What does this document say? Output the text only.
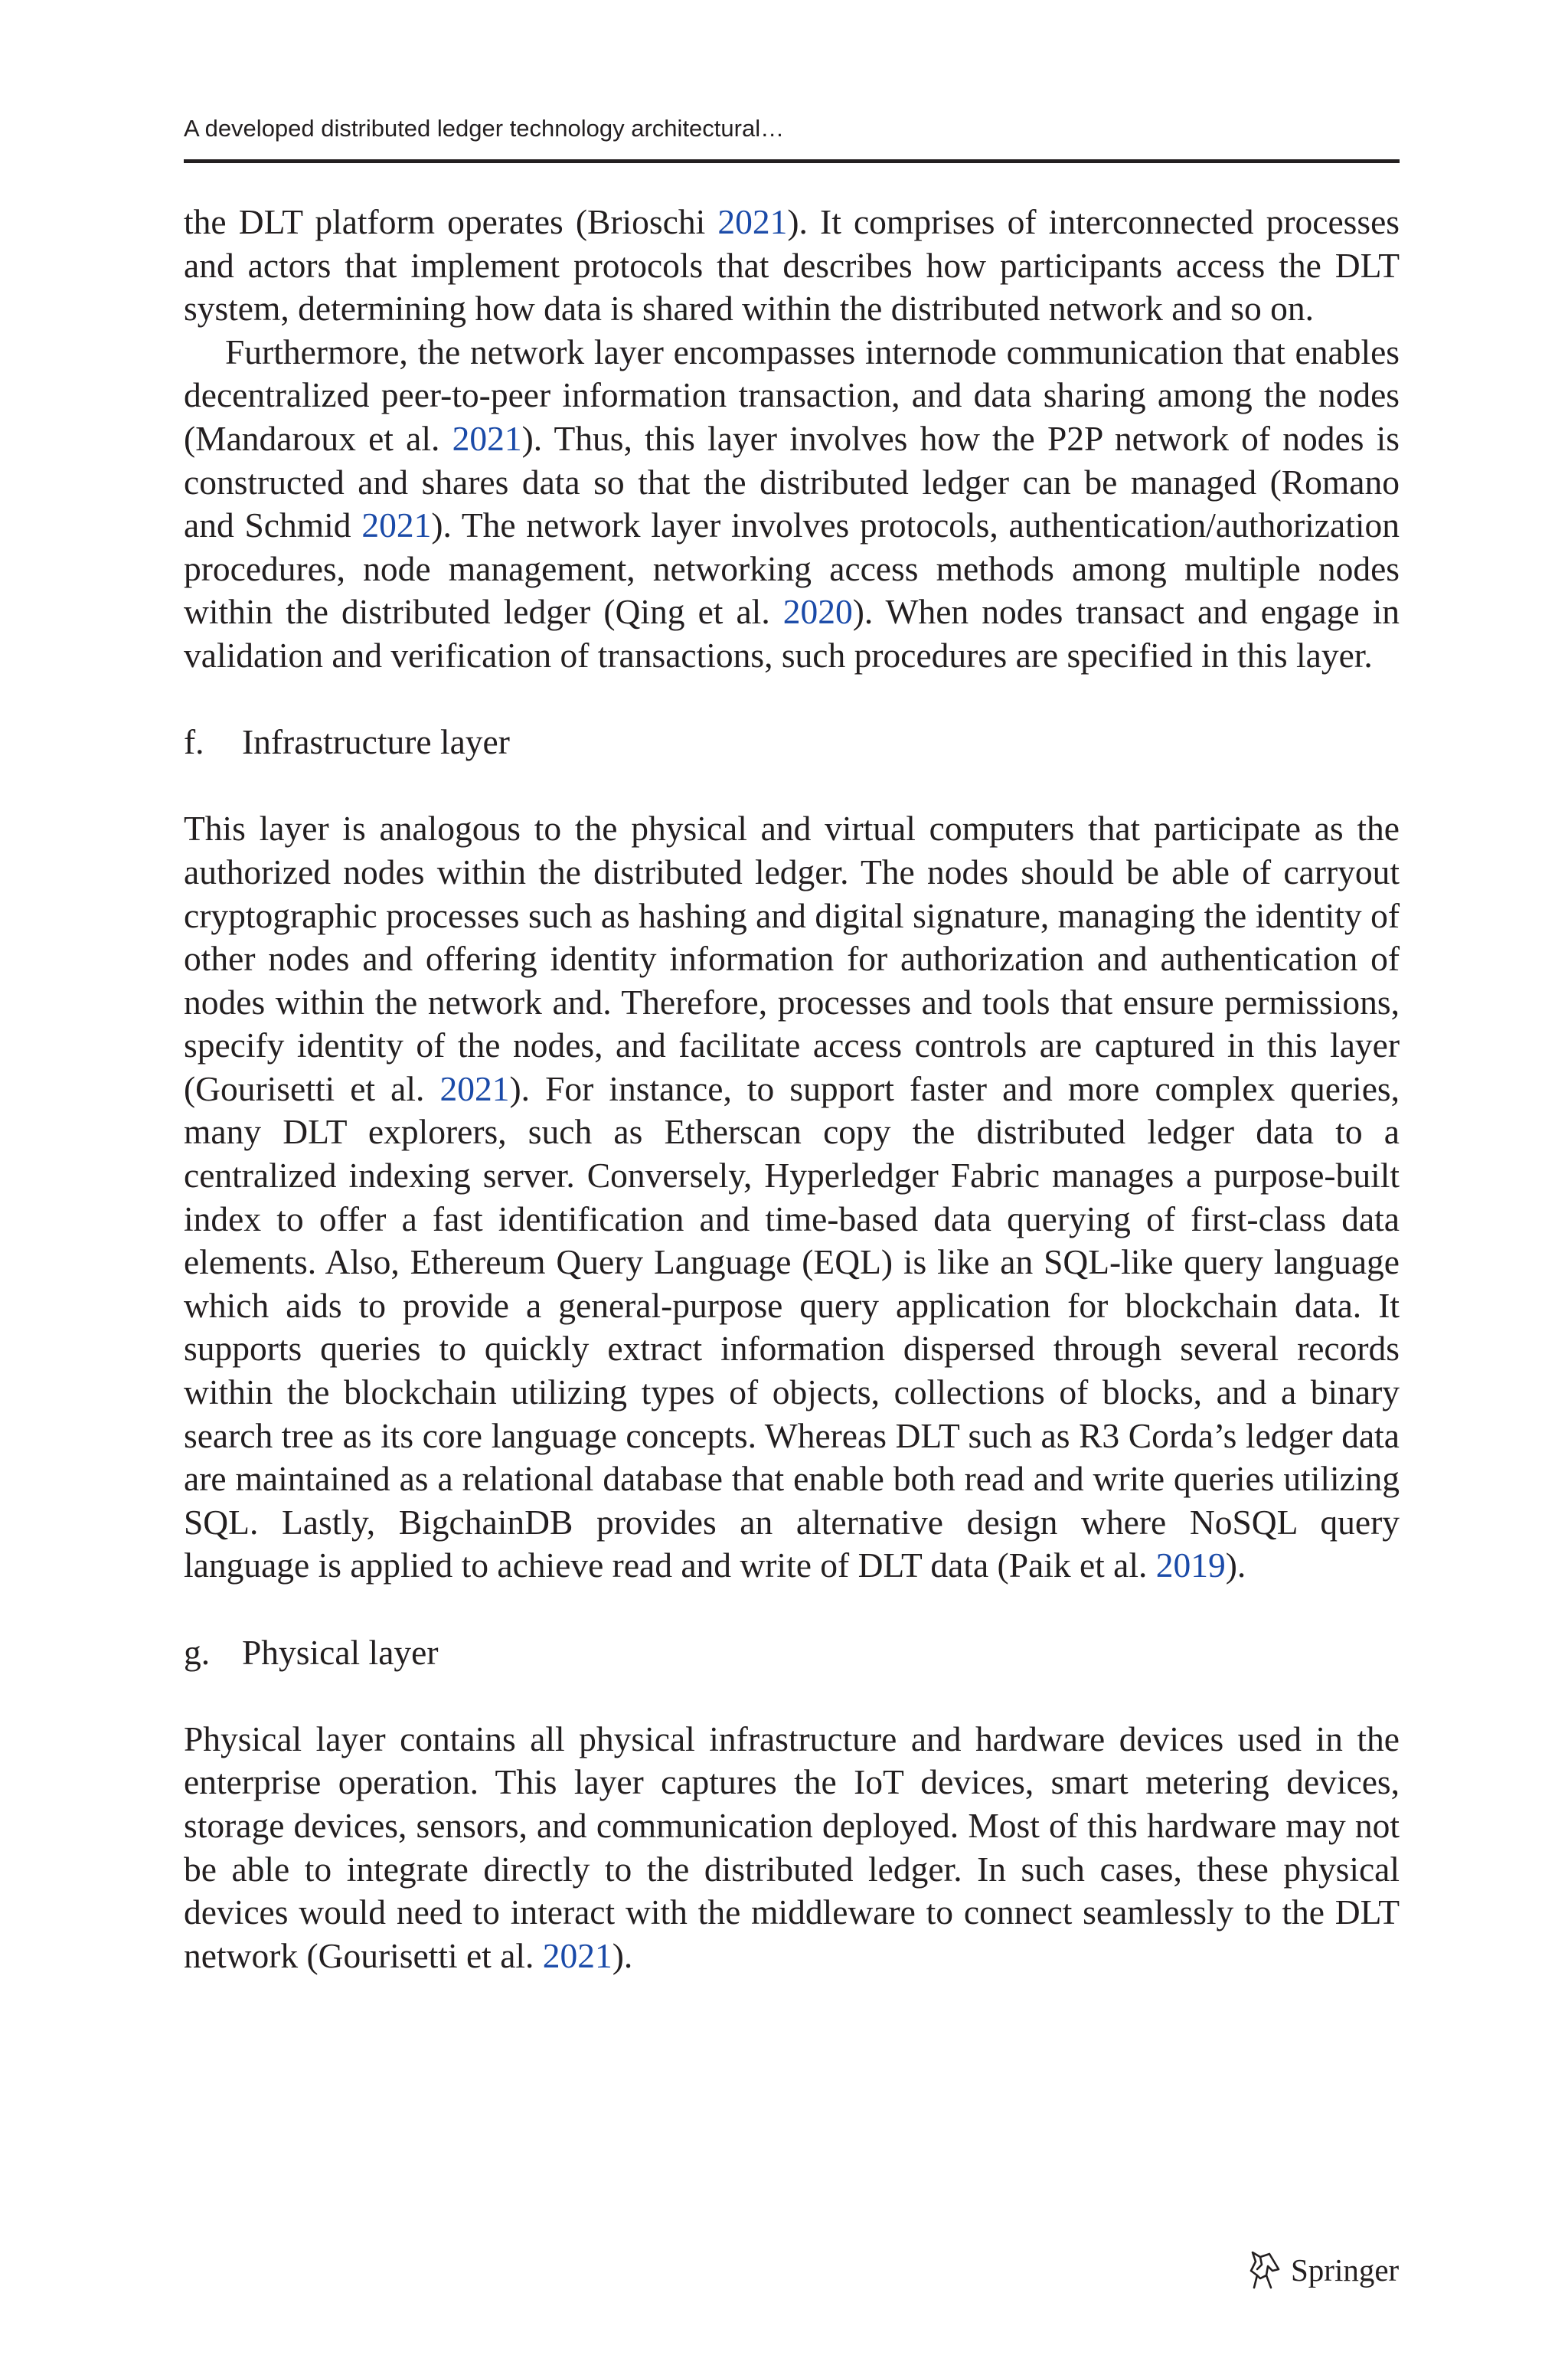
A developed distributed ledger technology architectural…

the DLT platform operates (Brioschi 2021). It comprises of interconnected processes and actors that implement protocols that describes how participants access the DLT system, determining how data is shared within the distributed network and so on.

Furthermore, the network layer encompasses internode communication that enables decentralized peer-to-peer information transaction, and data sharing among the nodes (Mandaroux et al. 2021). Thus, this layer involves how the P2P network of nodes is constructed and shares data so that the distributed ledger can be managed (Romano and Schmid 2021). The network layer involves protocols, authentication/authorization procedures, node management, networking access methods among multiple nodes within the distributed ledger (Qing et al. 2020). When nodes transact and engage in validation and verification of transactions, such procedures are specified in this layer.

f. Infrastructure layer

This layer is analogous to the physical and virtual computers that participate as the authorized nodes within the distributed ledger. The nodes should be able of carryout cryptographic processes such as hashing and digital signature, managing the identity of other nodes and offering identity information for authorization and authentication of nodes within the network and. Therefore, processes and tools that ensure permissions, specify identity of the nodes, and facilitate access controls are captured in this layer (Gourisetti et al. 2021). For instance, to support faster and more complex queries, many DLT explorers, such as Etherscan copy the distributed ledger data to a centralized indexing server. Conversely, Hyperledger Fabric manages a purpose-built index to offer a fast identification and time-based data querying of first-class data elements. Also, Ethereum Query Language (EQL) is like an SQL-like query language which aids to provide a general-purpose query application for blockchain data. It supports queries to quickly extract information dispersed through several records within the blockchain utilizing types of objects, collections of blocks, and a binary search tree as its core language concepts. Whereas DLT such as R3 Corda’s ledger data are maintained as a relational database that enable both read and write queries utilizing SQL. Lastly, BigchainDB provides an alternative design where NoSQL query language is applied to achieve read and write of DLT data (Paik et al. 2019).

g. Physical layer

Physical layer contains all physical infrastructure and hardware devices used in the enterprise operation. This layer captures the IoT devices, smart metering devices, storage devices, sensors, and communication deployed. Most of this hardware may not be able to integrate directly to the distributed ledger. In such cases, these physical devices would need to interact with the middleware to connect seamlessly to the DLT network (Gourisetti et al. 2021).

Springer
